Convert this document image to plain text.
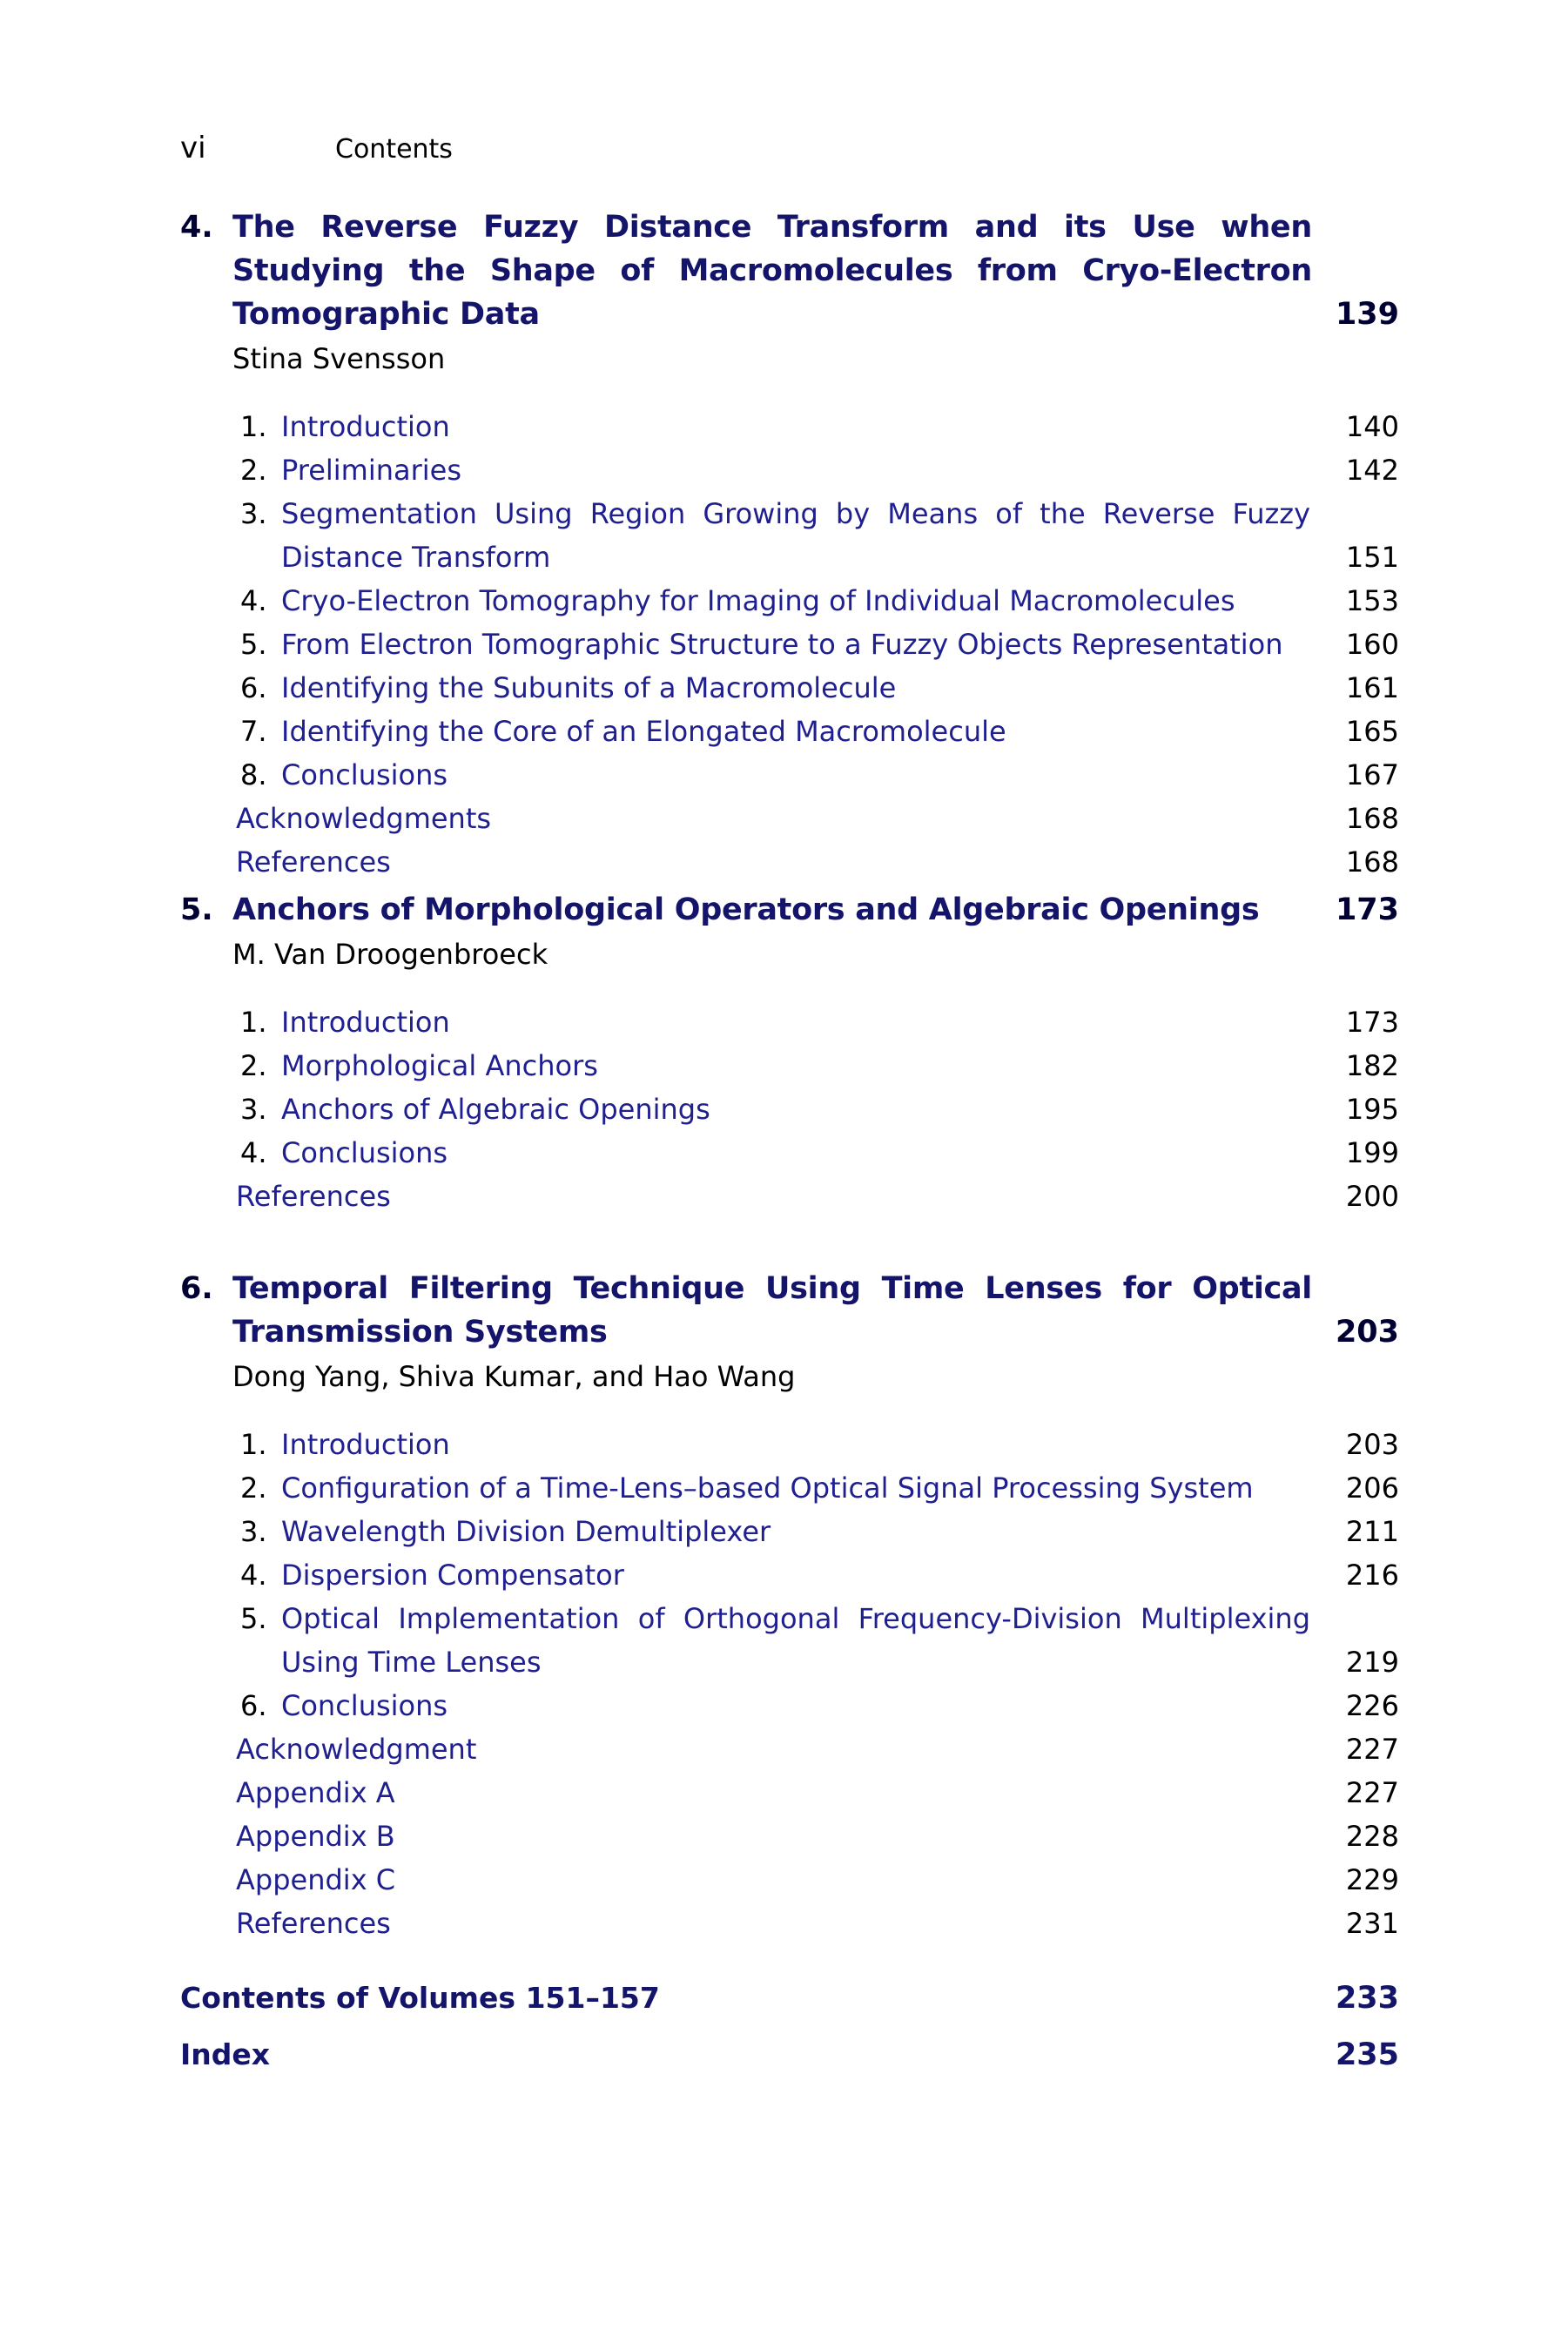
vi	Contents
4. The Reverse Fuzzy Distance Transform and its Use when Studying the Shape of Macromolecules from Cryo-Electron Tomographic Data	139
Stina Svensson
1. Introduction	140
2. Preliminaries	142
3. Segmentation Using Region Growing by Means of the Reverse Fuzzy Distance Transform	151
4. Cryo-Electron Tomography for Imaging of Individual Macromolecules	153
5. From Electron Tomographic Structure to a Fuzzy Objects Representation	160
6. Identifying the Subunits of a Macromolecule	161
7. Identifying the Core of an Elongated Macromolecule	165
8. Conclusions	167
Acknowledgments	168
References	168
5. Anchors of Morphological Operators and Algebraic Openings	173
M. Van Droogenbroeck
1. Introduction	173
2. Morphological Anchors	182
3. Anchors of Algebraic Openings	195
4. Conclusions	199
References	200
6. Temporal Filtering Technique Using Time Lenses for Optical Transmission Systems	203
Dong Yang, Shiva Kumar, and Hao Wang
1. Introduction	203
2. Configuration of a Time-Lens–based Optical Signal Processing System	206
3. Wavelength Division Demultiplexer	211
4. Dispersion Compensator	216
5. Optical Implementation of Orthogonal Frequency-Division Multiplexing Using Time Lenses	219
6. Conclusions	226
Acknowledgment	227
Appendix A	227
Appendix B	228
Appendix C	229
References	231
Contents of Volumes 151–157	233
Index	235
